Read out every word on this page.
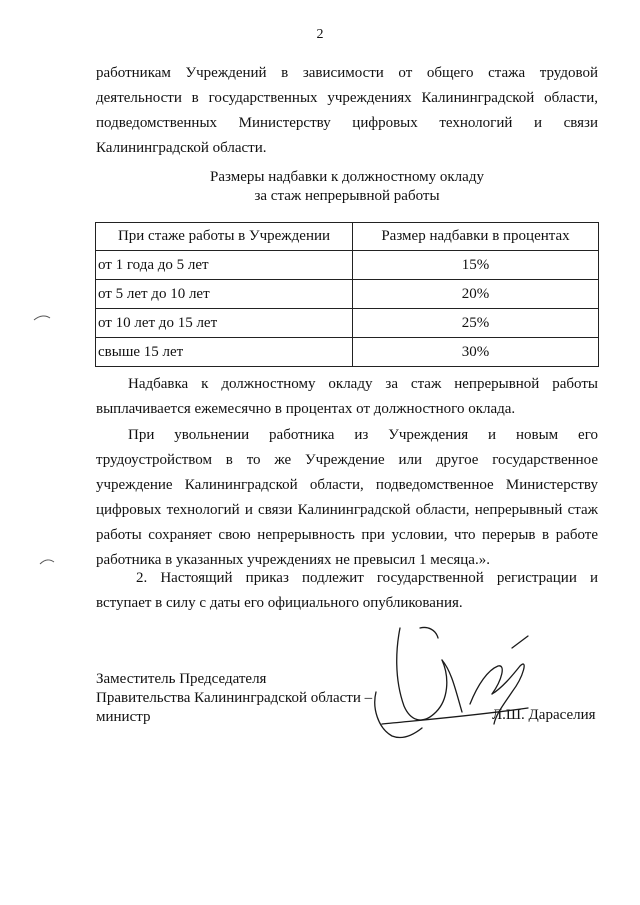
2

работникам Учреждений в зависимости от общего стажа трудовой деятельности в государственных учреждениях Калининградской области, подведомственных Министерству цифровых технологий и связи Калининградской области.

Размеры надбавки к должностному окладу
за стаж непрерывной работы
При стаже работы в Учреждении	Размер надбавки в процентах
от 1 года до 5 лет	15%
от 5 лет до 10 лет	20%
от 10 лет до 15 лет	25%
свыше 15 лет	30%

Надбавка к должностному окладу за стаж непрерывной работы выплачивается ежемесячно в процентах от должностного оклада.

При увольнении работника из Учреждения и новым его трудоустройством в то же Учреждение или другое государственное учреждение Калининградской области, подведомственное Министерству цифровых технологий и связи Калининградской области, непрерывный стаж работы сохраняет свою непрерывность при условии, что перерыв в работе работника в указанных учреждениях не превысил 1 месяца.».

2. Настоящий приказ подлежит государственной регистрации и вступает в силу с даты его официального опубликования.

Заместитель Председателя
Правительства Калининградской области –
министр	Л.Ш. Дараселия
